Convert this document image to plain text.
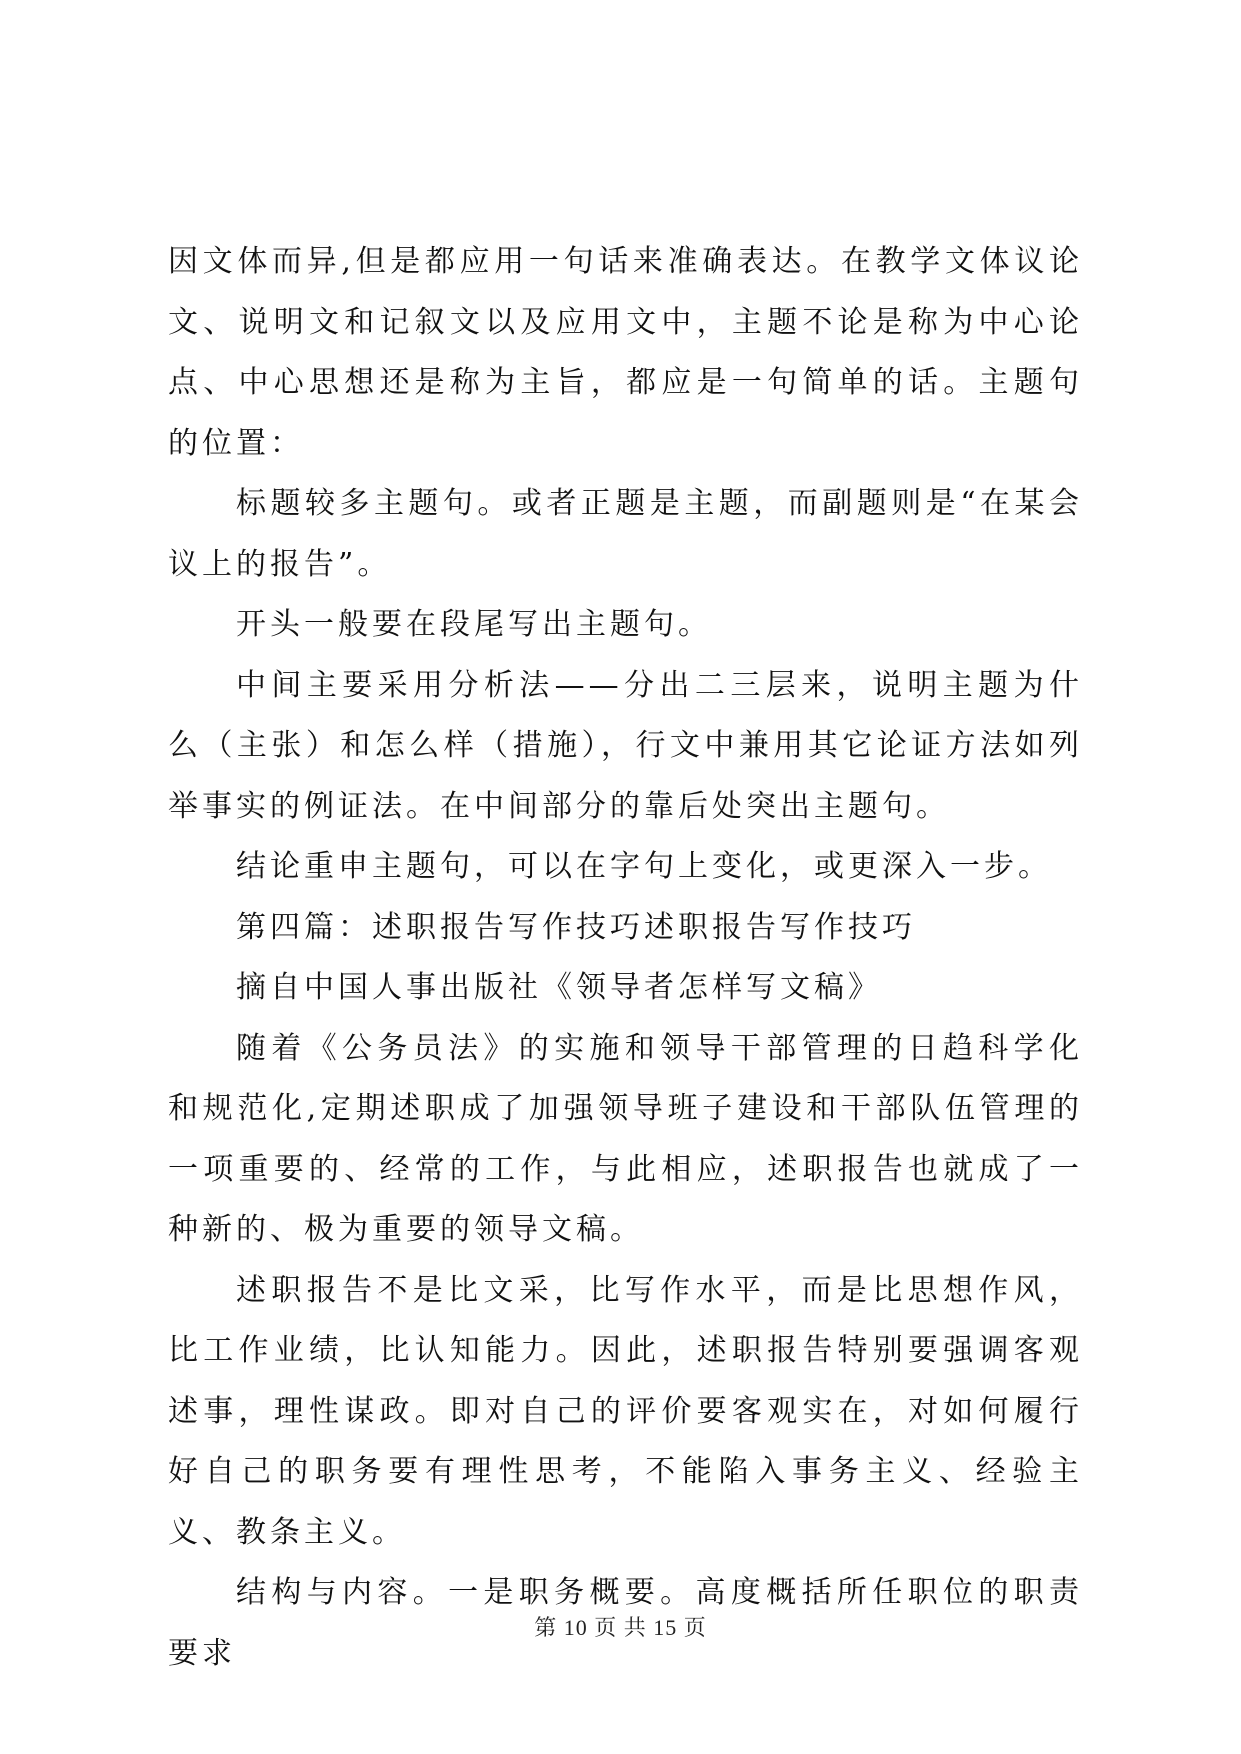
因文体而异,但是都应用一句话来准确表达。在教学文体议论文、说明文和记叙文以及应用文中，主题不论是称为中心论点、中心思想还是称为主旨，都应是一句简单的话。主题句的位置：

标题较多主题句。或者正题是主题，而副题则是“在某会议上的报告”。

开头一般要在段尾写出主题句。

中间主要采用分析法——分出二三层来，说明主题为什么（主张）和怎么样（措施），行文中兼用其它论证方法如列举事实的例证法。在中间部分的靠后处突出主题句。

结论重申主题句，可以在字句上变化，或更深入一步。

第四篇：述职报告写作技巧述职报告写作技巧

摘自中国人事出版社《领导者怎样写文稿》

随着《公务员法》的实施和领导干部管理的日趋科学化和规范化,定期述职成了加强领导班子建设和干部队伍管理的一项重要的、经常的工作，与此相应，述职报告也就成了一种新的、极为重要的领导文稿。

述职报告不是比文采，比写作水平，而是比思想作风，比工作业绩，比认知能力。因此，述职报告特别要强调客观述事，理性谋政。即对自己的评价要客观实在，对如何履行好自己的职务要有理性思考，不能陷入事务主义、经验主义、教条主义。

结构与内容。一是职务概要。高度概括所任职位的职责要求

第 10 页 共 15 页
